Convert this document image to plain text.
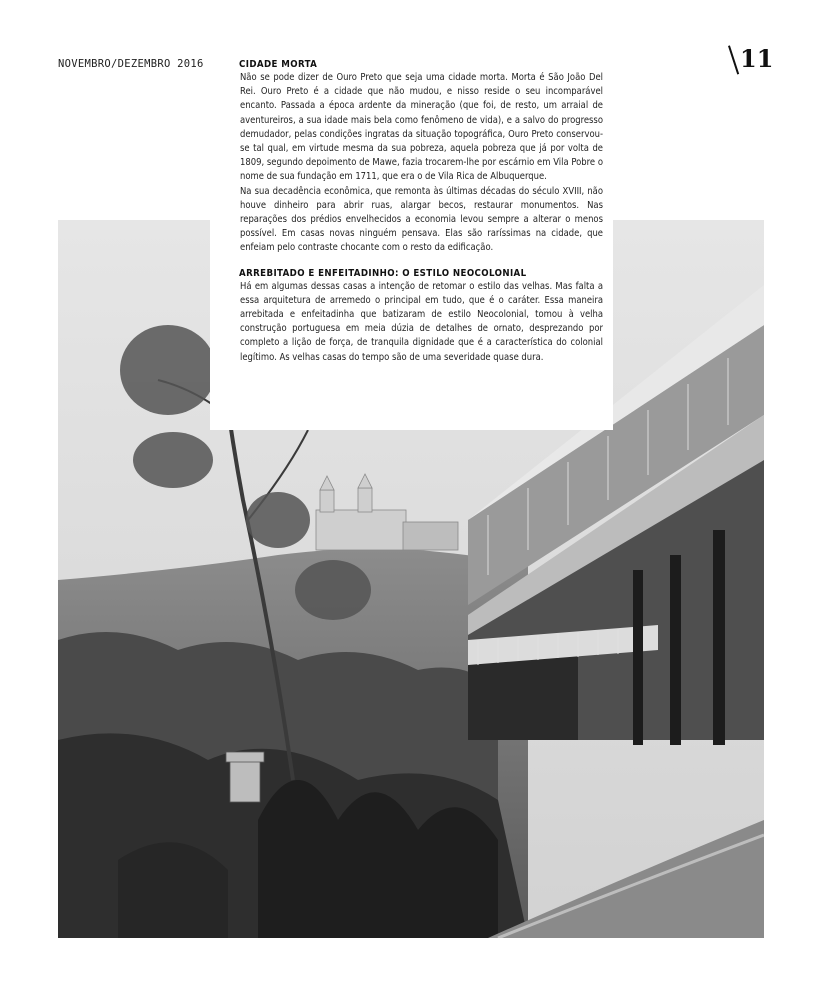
NOVEMBRO/DEZEMBRO 2016	11
CIDADE MORTA

Não se pode dizer de Ouro Preto que seja uma cidade morta. Morta é São João Del Rei. Ouro Preto é a cidade que não mudou, e nisso reside o seu incomparável encanto. Passada a época ardente da mineração (que foi, de resto, um arraial de aventureiros, a sua idade mais bela como fenômeno de vida), e a salvo do progresso demudador, pelas condições ingratas da situação topográfica, Ouro Preto conservou-se tal qual, em virtude mesma da sua pobreza, aquela pobreza que já por volta de 1809, segundo depoimento de Mawe, fazia trocarem-lhe por escárnio em Vila Pobre o nome de sua fundação em 1711, que era o de Vila Rica de Albuquerque.

Na sua decadência econômica, que remonta às últimas décadas do século XVIII, não houve dinheiro para abrir ruas, alargar becos, restaurar monumentos. Nas reparações dos prédios envelhecidos a economia levou sempre a alterar o menos possível. Em casas novas ninguém pensava. Elas são raríssimas na cidade, que enfeiam pelo contraste chocante com o resto da edificação.

ARREBITADO E ENFEITADINHO: O ESTILO NEOCOLONIAL

Há em algumas dessas casas a intenção de retomar o estilo das velhas. Mas falta a essa arquitetura de arremedo o principal em tudo, que é o caráter. Essa maneira arrebitada e enfeitadinha que batizaram de estilo Neocolonial, tomou à velha construção portuguesa em meia dúzia de detalhes de ornato, desprezando por completo a lição de força, de tranquila dignidade que é a característica do colonial legítimo. As velhas casas do tempo são de uma severidade quase dura.
